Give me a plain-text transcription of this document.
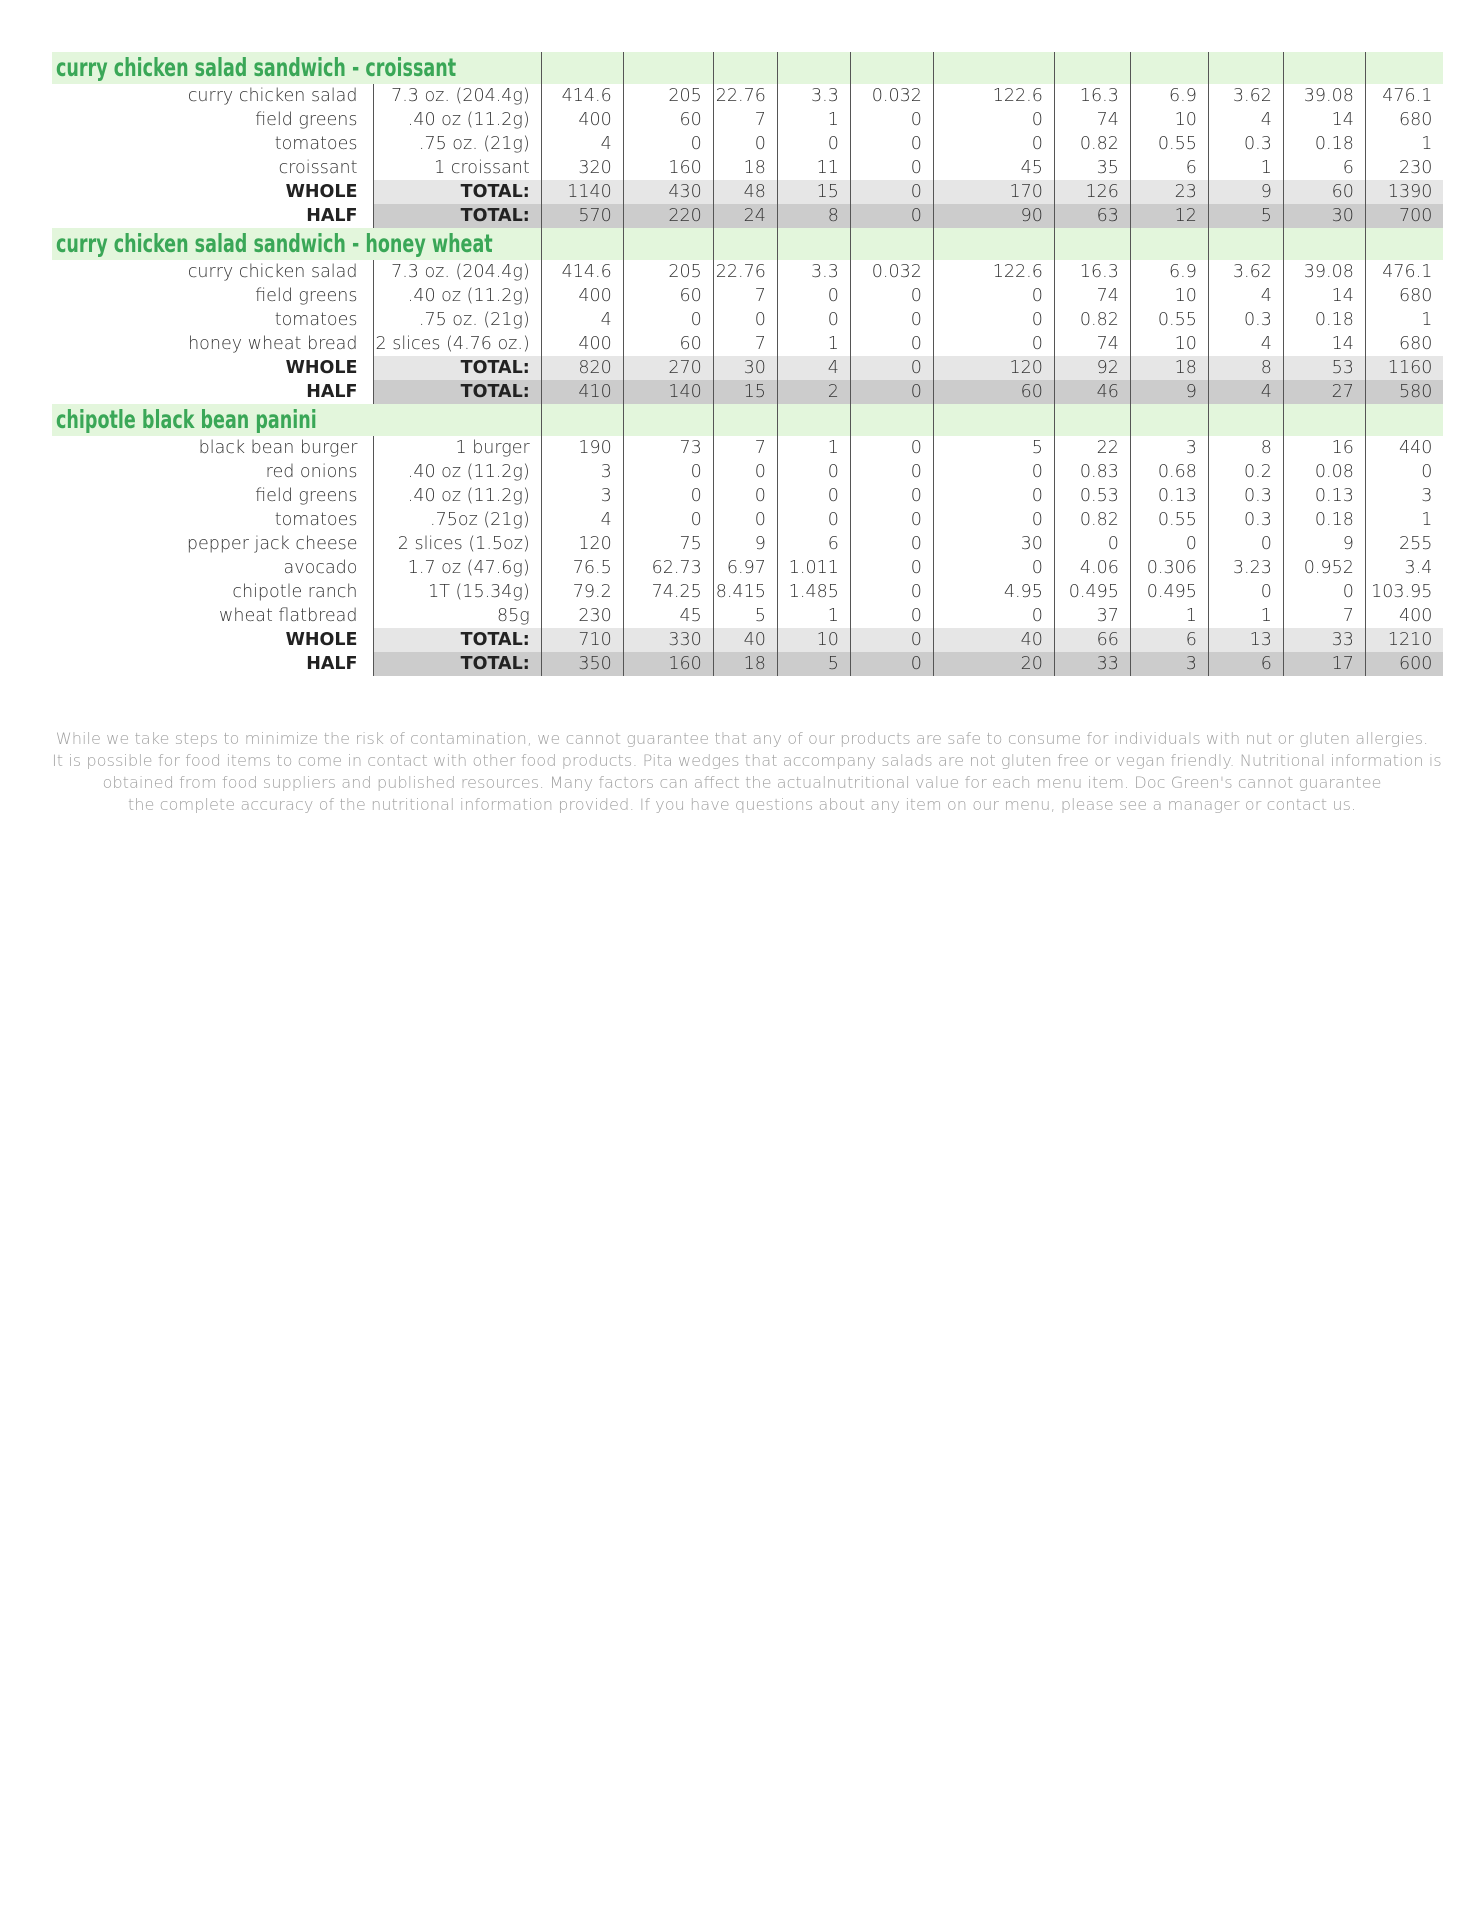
curry chicken salad sandwich - croissant												

curry chicken salad	7.3 oz. (204.4g)	414.6	205	22.76	3.3	0.032	122.6	16.3	6.9	3.62	39.08	476.1
field greens	.40 oz (11.2g)	400	60	7	1	0	0	74	10	4	14	680
tomatoes	.75 oz. (21g)	4	0	0	0	0	0	0.82	0.55	0.3	0.18	1
croissant	1 croissant	320	160	18	11	0	45	35	6	1	6	230
WHOLE	TOTAL:	1140	430	48	15	0	170	126	23	9	60	1390
HALF	TOTAL:	570	220	24	8	0	90	63	12	5	30	700

curry chicken salad sandwich - honey wheat												

curry chicken salad	7.3 oz. (204.4g)	414.6	205	22.76	3.3	0.032	122.6	16.3	6.9	3.62	39.08	476.1
field greens	.40 oz (11.2g)	400	60	7	0	0	0	74	10	4	14	680
tomatoes	.75 oz. (21g)	4	0	0	0	0	0	0.82	0.55	0.3	0.18	1
honey wheat bread	2 slices (4.76 oz.)	400	60	7	1	0	0	74	10	4	14	680
WHOLE	TOTAL:	820	270	30	4	0	120	92	18	8	53	1160
HALF	TOTAL:	410	140	15	2	0	60	46	9	4	27	580

chipotle black bean panini												

black bean burger	1 burger	190	73	7	1	0	5	22	3	8	16	440
red onions	.40 oz (11.2g)	3	0	0	0	0	0	0.83	0.68	0.2	0.08	0
field greens	.40 oz (11.2g)	3	0	0	0	0	0	0.53	0.13	0.3	0.13	3
tomatoes	.75oz (21g)	4	0	0	0	0	0	0.82	0.55	0.3	0.18	1
pepper jack cheese	2 slices (1.5oz)	120	75	9	6	0	30	0	0	0	9	255
avocado	1.7 oz (47.6g)	76.5	62.73	6.97	1.011	0	0	4.06	0.306	3.23	0.952	3.4
chipotle ranch	1T (15.34g)	79.2	74.25	8.415	1.485	0	4.95	0.495	0.495	0	0	103.95
wheat flatbread	85g	230	45	5	1	0	0	37	1	1	7	400
WHOLE	TOTAL:	710	330	40	10	0	40	66	6	13	33	1210
HALF	TOTAL:	350	160	18	5	0	20	33	3	6	17	600
While we take steps to minimize the risk of contamination, we cannot guarantee that any of our products are safe to consume for individuals with nut or gluten allergies.
It is possible for food items to come in contact with other food products. Pita wedges that accompany salads are not gluten free or vegan friendly. Nutritional information is
obtained from food suppliers and published resources. Many factors can affect the actualnutritional value for each menu item. Doc Green's cannot guarantee
the complete accuracy of the nutritional information provided. If you have questions about any item on our menu, please see a manager or contact us.
